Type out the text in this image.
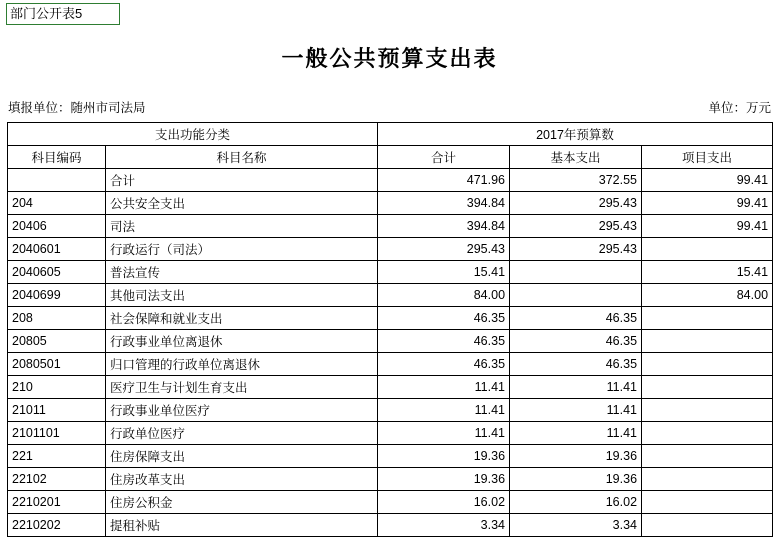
部门公开表5
一般公共预算支出表
填报单位：随州市司法局	单位：万元
支出功能分类		2017年预算数		
科目编码	科目名称	合计	基本支出	项目支出
	合计	471.96	372.55	99.41
204	公共安全支出	394.84	295.43	99.41
20406	司法	394.84	295.43	99.41
2040601	行政运行（司法）	295.43	295.43	
2040605	普法宣传	15.41		15.41
2040699	其他司法支出	84.00		84.00
208	社会保障和就业支出	46.35	46.35	
20805	行政事业单位离退休	46.35	46.35	
2080501	归口管理的行政单位离退休	46.35	46.35	
210	医疗卫生与计划生育支出	11.41	11.41	
21011	行政事业单位医疗	11.41	11.41	
2101101	行政单位医疗	11.41	11.41	
221	住房保障支出	19.36	19.36	
22102	住房改革支出	19.36	19.36	
2210201	住房公积金	16.02	16.02	
2210202	提租补贴	3.34	3.34	
